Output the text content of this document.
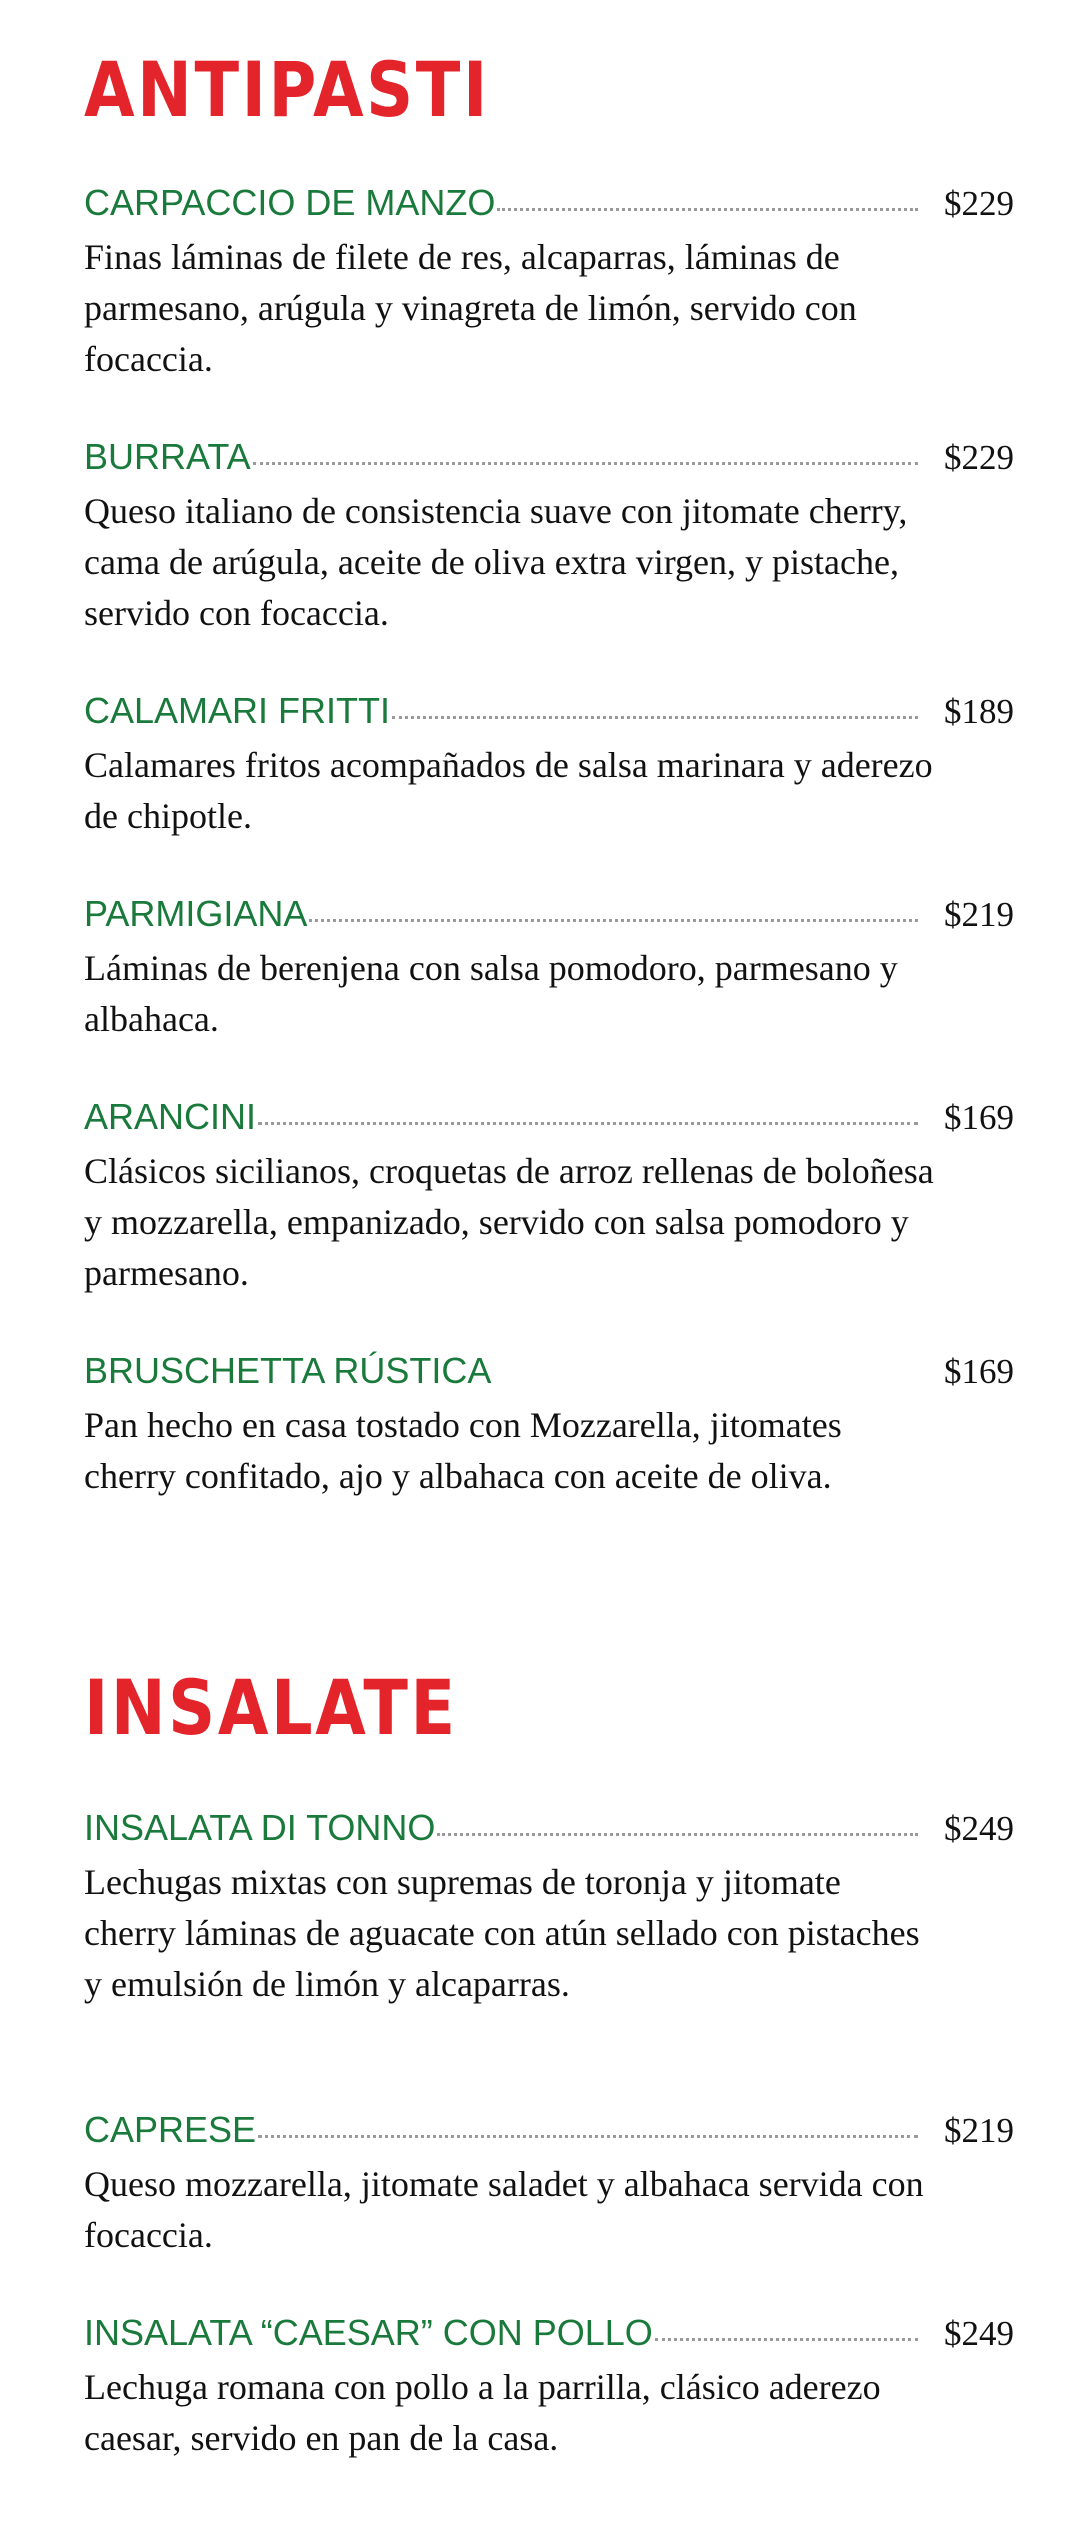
ANTIPASTI
CARPACCIO DE MANZO	$229

Finas láminas de filete de res, alcaparras, láminas de parmesano, arúgula y vinagreta de limón, servido con focaccia.

BURRATA	$229

Queso italiano de consistencia suave con jitomate cherry, cama de arúgula, aceite de oliva extra virgen, y pistache, servido con focaccia.

CALAMARI FRITTI	$189

Calamares fritos acompañados de salsa marinara y aderezo de chipotle.

PARMIGIANA	$219

Láminas de berenjena con salsa pomodoro, parmesano y albahaca.

ARANCINI	$169

Clásicos sicilianos, croquetas de arroz rellenas de boloñesa y mozzarella, empanizado, servido con salsa pomodoro y parmesano.

BRUSCHETTA RÚSTICA	$169

Pan hecho en casa tostado con Mozzarella, jitomates cherry confitado, ajo y albahaca con aceite de oliva.

INSALATE
INSALATA DI TONNO	$249

Lechugas mixtas con supremas de toronja y jitomate cherry láminas de aguacate con atún sellado con pistaches y emulsión de limón y alcaparras.

CAPRESE	$219

Queso mozzarella, jitomate saladet y albahaca servida con focaccia.

INSALATA “CAESAR” CON POLLO	$249

Lechuga romana con pollo a la parrilla, clásico aderezo caesar, servido en pan de la casa.
